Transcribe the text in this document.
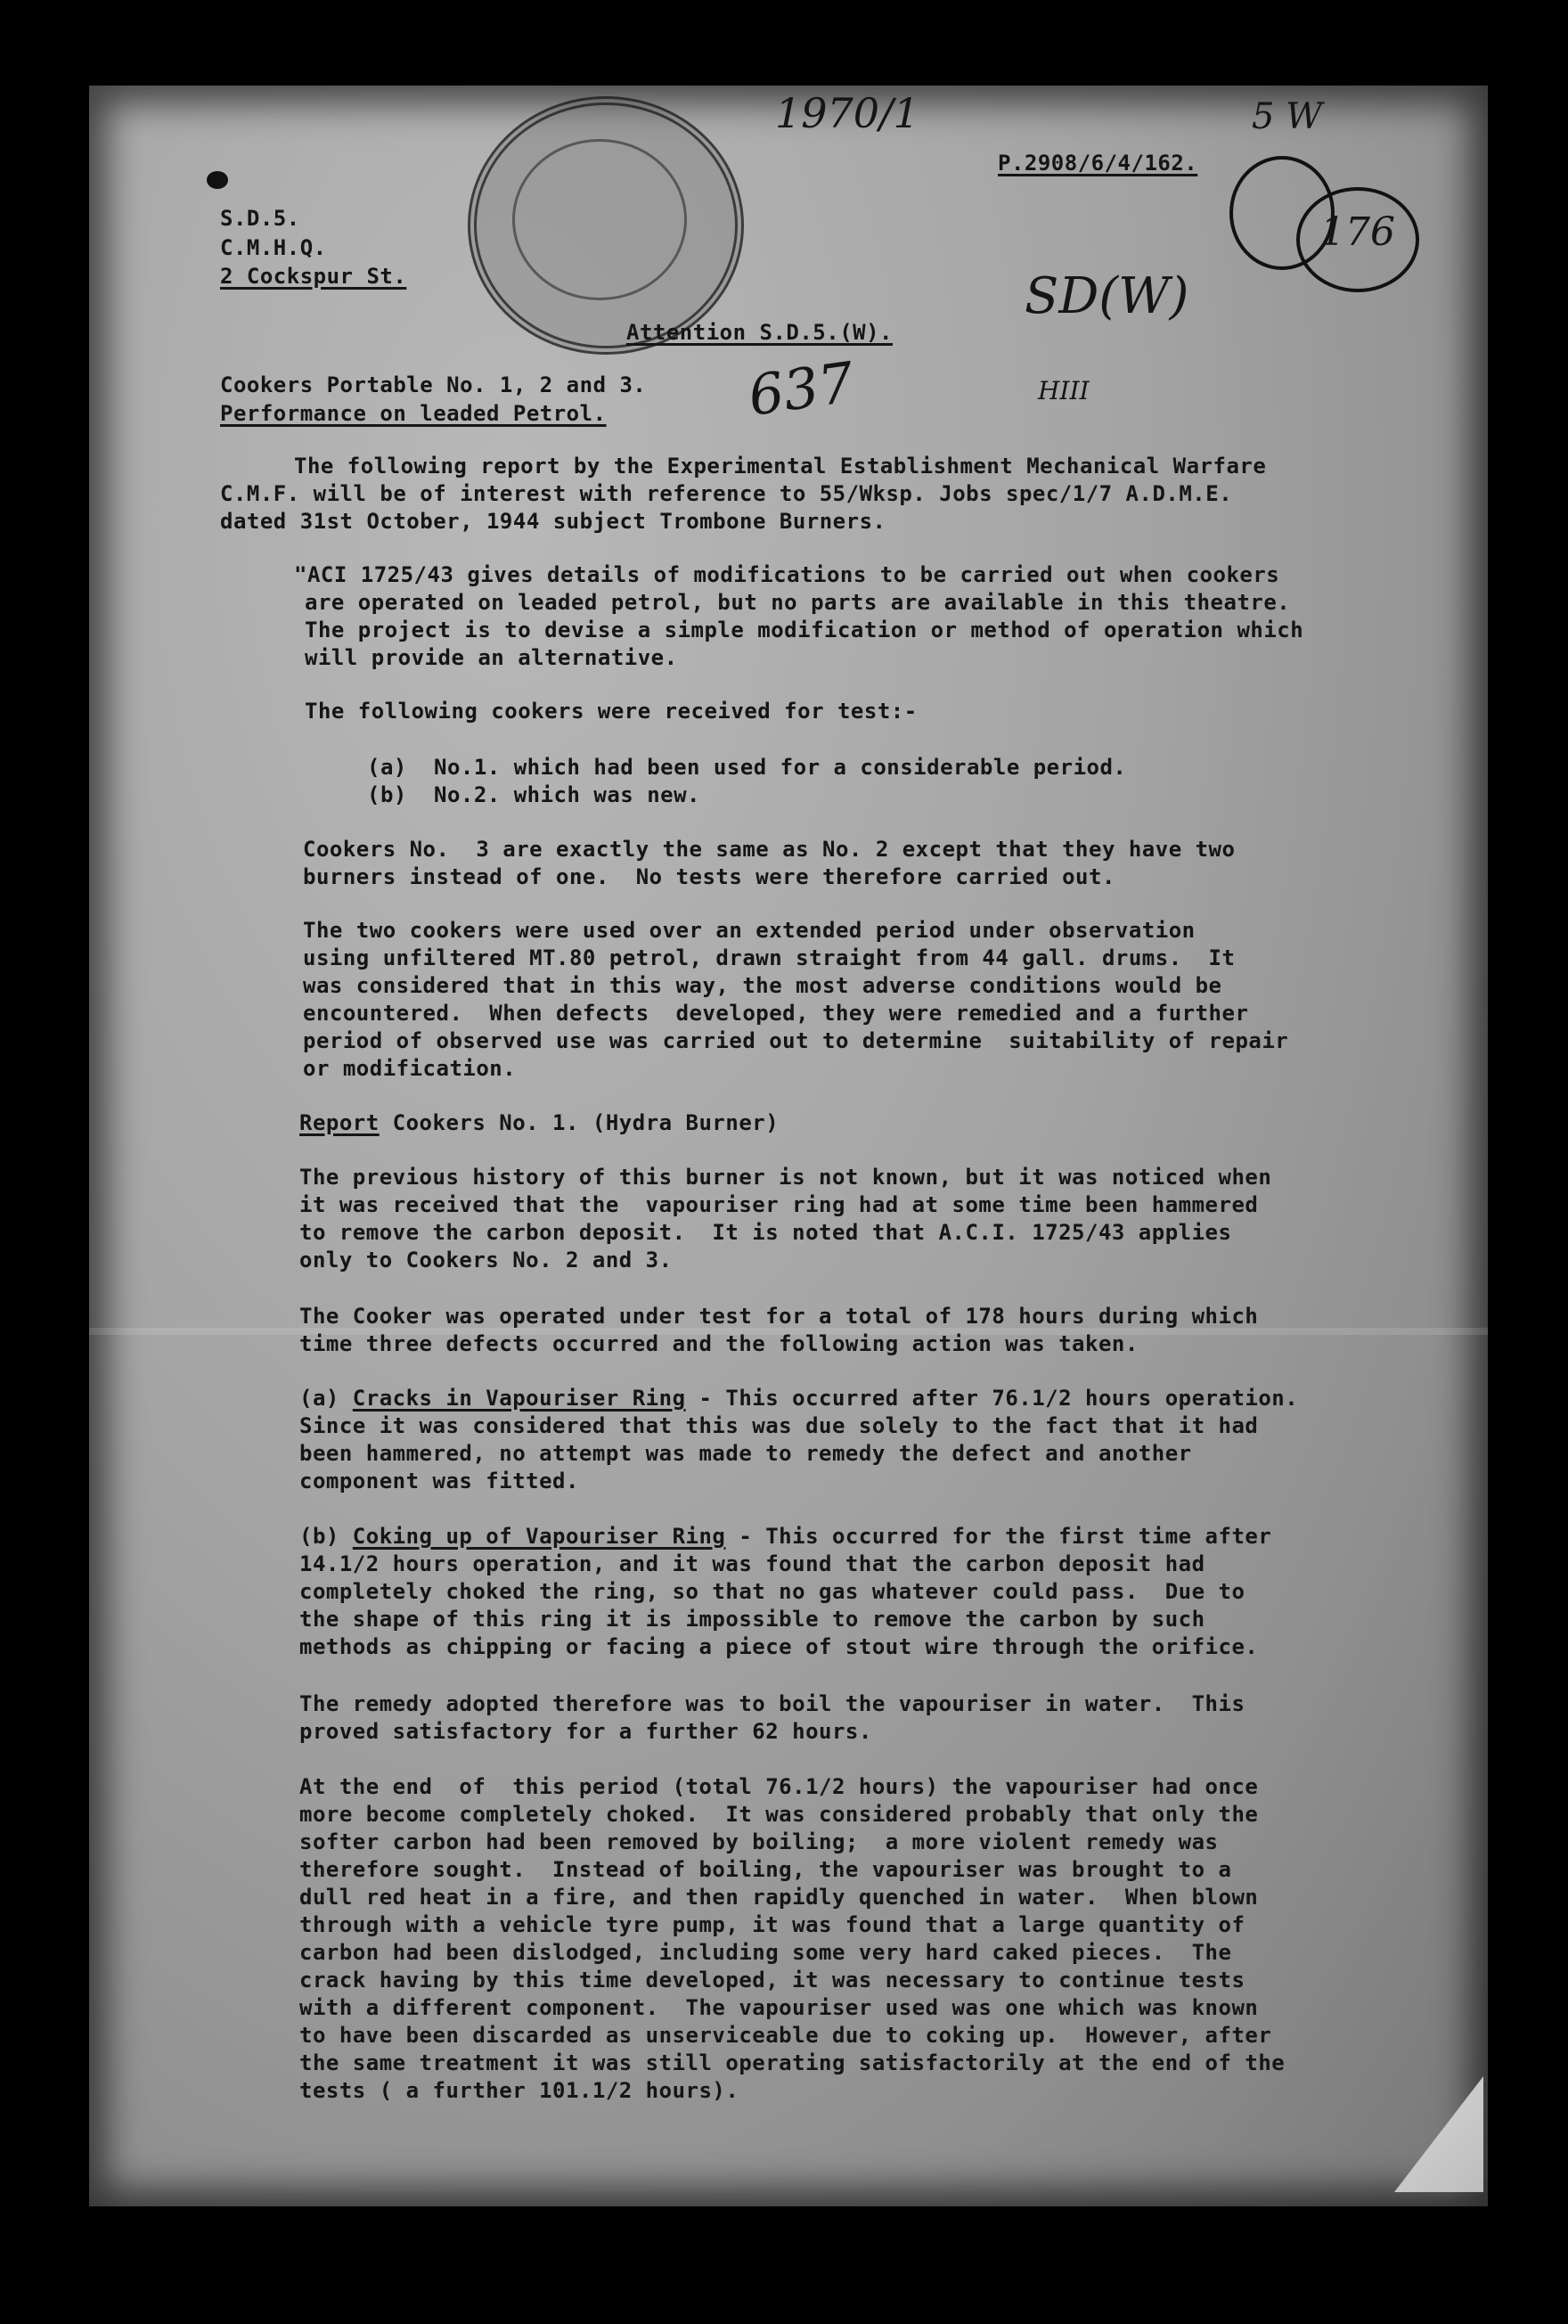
1970/1	5 W
SD(W)
637	HIII
176
S.D.5.
C.M.H.Q.
2 Cockspur St.
P.2908/6/4/162.
Attention S.D.5.(W).
Cookers Portable No. 1, 2 and 3.
Performance on leaded Petrol.
The following report by the Experimental Establishment Mechanical Warfare
C.M.F. will be of interest with reference to 55/Wksp. Jobs spec/1/7 A.D.M.E.
dated 31st October, 1944 subject Trombone Burners.
"ACI 1725/43 gives details of modifications to be carried out when cookers
are operated on leaded petrol, but no parts are available in this theatre.
The project is to devise a simple modification or method of operation which
will provide an alternative.
The following cookers were received for test:-
(a) No.1. which had been used for a considerable period.
(b) No.2. which was new.
Cookers No.  3 are exactly the same as No. 2 except that they have two
burners instead of one.  No tests were therefore carried out.
The two cookers were used over an extended period under observation
using unfiltered MT.80 petrol, drawn straight from 44 gall. drums.  It
was considered that in this way, the most adverse conditions would be
encountered.  When defects  developed, they were remedied and a further
period of observed use was carried out to determine  suitability of repair
or modification.
Report Cookers No. 1. (Hydra Burner)
The previous history of this burner is not known, but it was noticed when
it was received that the  vapouriser ring had at some time been hammered
to remove the carbon deposit.  It is noted that A.C.I. 1725/43 applies
only to Cookers No. 2 and 3.
The Cooker was operated under test for a total of 178 hours during which
time three defects occurred and the following action was taken.
(a) Cracks in Vapouriser Ring - This occurred after 76.1/2 hours operation.
Since it was considered that this was due solely to the fact that it had
been hammered, no attempt was made to remedy the defect and another
component was fitted.
(b) Coking up of Vapouriser Ring - This occurred for the first time after
14.1/2 hours operation, and it was found that the carbon deposit had
completely choked the ring, so that no gas whatever could pass.  Due to
the shape of this ring it is impossible to remove the carbon by such
methods as chipping or facing a piece of stout wire through the orifice.
The remedy adopted therefore was to boil the vapouriser in water.  This
proved satisfactory for a further 62 hours.
At the end  of  this period (total 76.1/2 hours) the vapouriser had once
more become completely choked.  It was considered probably that only the
softer carbon had been removed by boiling;  a more violent remedy was
therefore sought.  Instead of boiling, the vapouriser was brought to a
dull red heat in a fire, and then rapidly quenched in water.  When blown
through with a vehicle tyre pump, it was found that a large quantity of
carbon had been dislodged, including some very hard caked pieces.  The
crack having by this time developed, it was necessary to continue tests
with a different component.  The vapouriser used was one which was known
to have been discarded as unserviceable due to coking up.  However, after
the same treatment it was still operating satisfactorily at the end of the
tests ( a further 101.1/2 hours).
